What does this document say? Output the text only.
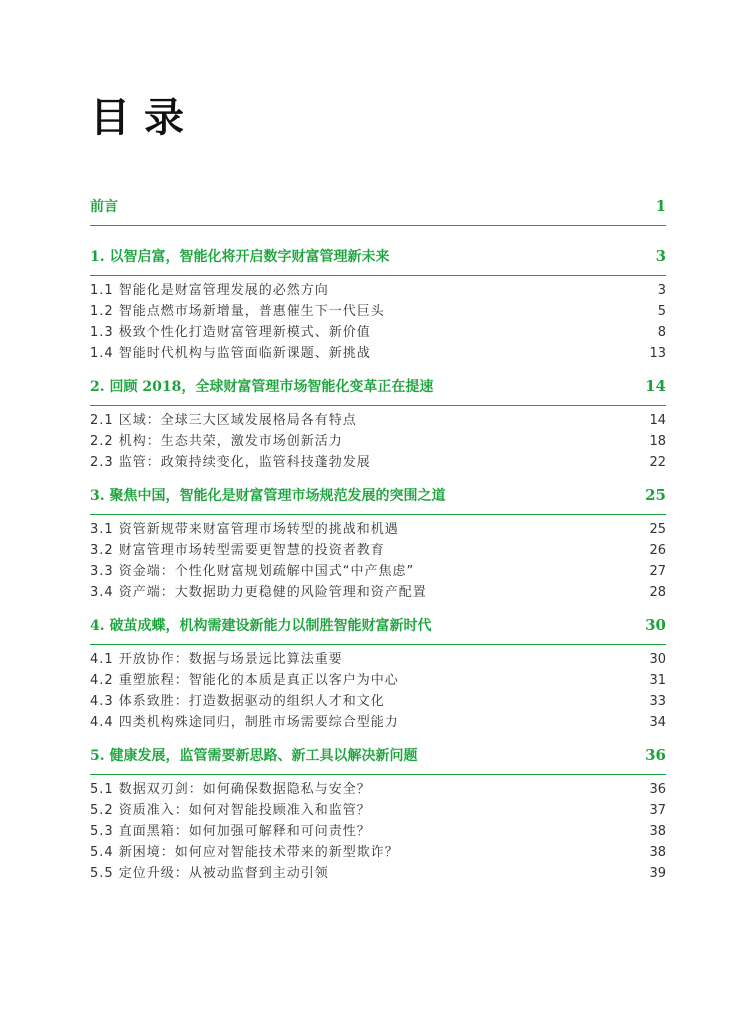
目录
前言	1
1. 以智启富，智能化将开启数字财富管理新未来	3
1.1 智能化是财富管理发展的必然方向	3
1.2 智能点燃市场新增量，普惠催生下一代巨头	5
1.3 极致个性化打造财富管理新模式、新价值	8
1.4 智能时代机构与监管面临新课题、新挑战	13
2. 回顾 2018，全球财富管理市场智能化变革正在提速	14
2.1 区域：全球三大区域发展格局各有特点	14
2.2 机构：生态共荣，激发市场创新活力	18
2.3 监管：政策持续变化，监管科技蓬勃发展	22
3. 聚焦中国，智能化是财富管理市场规范发展的突围之道	25
3.1 资管新规带来财富管理市场转型的挑战和机遇	25
3.2 财富管理市场转型需要更智慧的投资者教育	26
3.3 资金端：个性化财富规划疏解中国式“中产焦虑”	27
3.4 资产端：大数据助力更稳健的风险管理和资产配置	28
4. 破茧成蝶，机构需建设新能力以制胜智能财富新时代	30
4.1 开放协作：数据与场景远比算法重要	30
4.2 重塑旅程：智能化的本质是真正以客户为中心	31
4.3 体系致胜：打造数据驱动的组织人才和文化	33
4.4 四类机构殊途同归，制胜市场需要综合型能力	34
5. 健康发展，监管需要新思路、新工具以解决新问题	36
5.1 数据双刃剑：如何确保数据隐私与安全？	36
5.2 资质准入：如何对智能投顾准入和监管？	37
5.3 直面黑箱：如何加强可解释和可问责性？	38
5.4 新困境：如何应对智能技术带来的新型欺诈？	38
5.5 定位升级：从被动监督到主动引领	39
